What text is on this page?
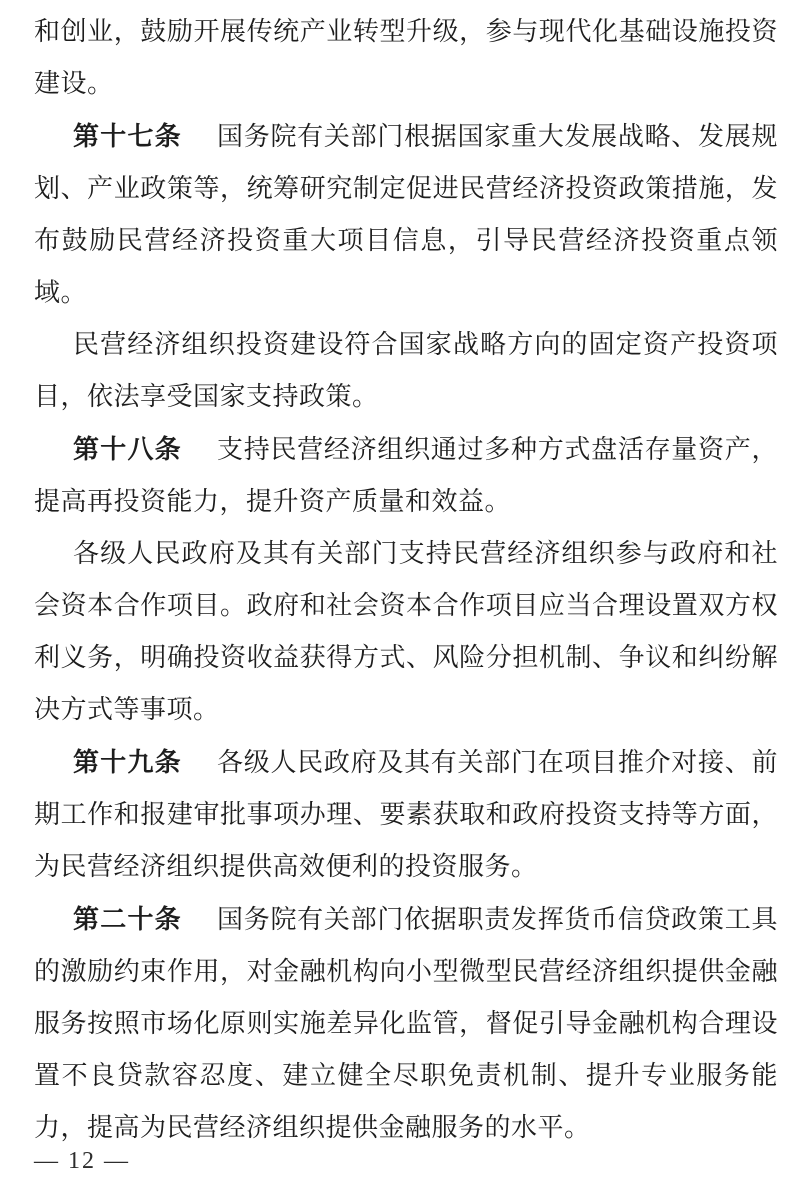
和创业，鼓励开展传统产业转型升级，参与现代化基础设施投资建设。

第十七条 国务院有关部门根据国家重大发展战略、发展规划、产业政策等，统筹研究制定促进民营经济投资政策措施，发布鼓励民营经济投资重大项目信息，引导民营经济投资重点领域。

民营经济组织投资建设符合国家战略方向的固定资产投资项目，依法享受国家支持政策。

第十八条 支持民营经济组织通过多种方式盘活存量资产，提高再投资能力，提升资产质量和效益。

各级人民政府及其有关部门支持民营经济组织参与政府和社会资本合作项目。政府和社会资本合作项目应当合理设置双方权利义务，明确投资收益获得方式、风险分担机制、争议和纠纷解决方式等事项。

第十九条 各级人民政府及其有关部门在项目推介对接、前期工作和报建审批事项办理、要素获取和政府投资支持等方面，为民营经济组织提供高效便利的投资服务。

第二十条 国务院有关部门依据职责发挥货币信贷政策工具的激励约束作用，对金融机构向小型微型民营经济组织提供金融服务按照市场化原则实施差异化监管，督促引导金融机构合理设置不良贷款容忍度、建立健全尽职免责机制、提升专业服务能力，提高为民营经济组织提供金融服务的水平。

— 12 —
